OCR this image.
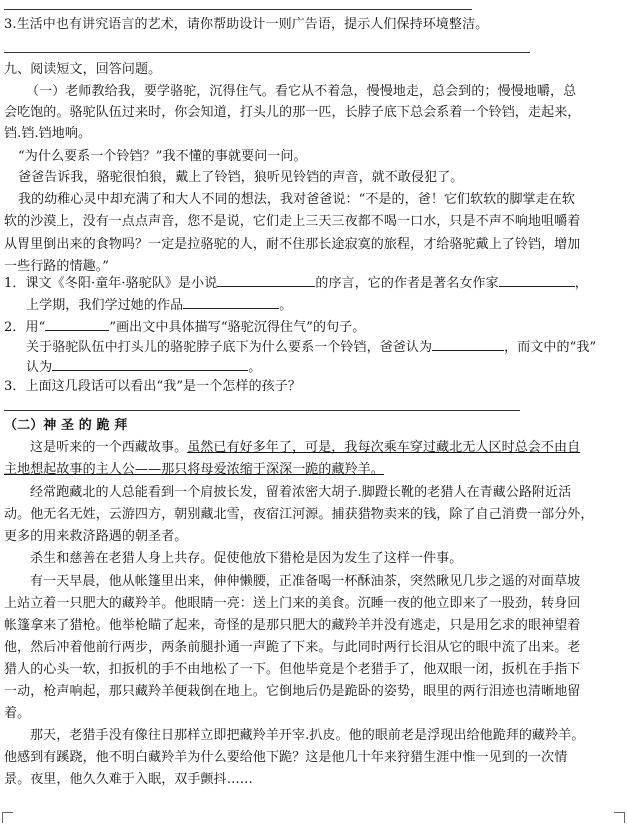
3.生活中也有讲究语言的艺术，请你帮助设计一则广告语，提示人们保持环境整洁。
九、阅读短文，回答问题。
（一）老师教给我，要学骆驼，沉得住气。看它从不着急，慢慢地走，总会到的；慢慢地嚼，总
会吃饱的。骆驼队伍过来时，你会知道，打头儿的那一匹，长脖子底下总会系着一个铃铛，走起来，
铛.铛.铛地响。
“为什么要系一个铃铛？”我不懂的事就要问一问。
爸爸告诉我，骆驼很怕狼，戴上了铃铛，狼听见铃铛的声音，就不敢侵犯了。
我的幼稚心灵中却充满了和大人不同的想法，我对爸爸说：“不是的，爸！它们软软的脚掌走在软
软的沙漠上，没有一点点声音，您不是说，它们走上三天三夜都不喝一口水，只是不声不响地咀嚼着
从胃里倒出来的食物吗？一定是拉骆驼的人，耐不住那长途寂寞的旅程，才给骆驼戴上了铃铛，增加
一些行路的情趣。”
1．课文《冬阳·童年·骆驼队》是小说	的序言，它的作者是著名女作家	，
上学期，我们学过她的作品	。
2．用“	”画出文中具体描写“骆驼沉得住气”的句子。
关于骆驼队伍中打头儿的骆驼脖子底下为什么要系一个铃铛，爸爸认为	，而文中的“我”
认为	。
3．上面这几段话可以看出“我”是一个怎样的孩子？
（二）神 圣 的 跪 拜
这是听来的一个西藏故事。虽然已有好多年了，可是，我每次乘车穿过藏北无人区时总会不由自
主地想起故事的主人公——那只将母爱浓缩于深深一跪的藏羚羊。
经常跑藏北的人总能看到一个肩披长发，留着浓密大胡子.脚蹬长靴的老猎人在青藏公路附近活
动。他无名无姓，云游四方，朝别藏北雪，夜宿江河源。捕获猎物卖来的钱，除了自己消费一部分外，
更多的用来救济路遇的朝圣者。
杀生和慈善在老猎人身上共存。促使他放下猎枪是因为发生了这样一件事。
有一天早晨，他从帐篷里出来，伸伸懒腰，正准备喝一杯酥油茶，突然瞅见几步之遥的对面草坡
上站立着一只肥大的藏羚羊。他眼睛一亮：送上门来的美食。沉睡一夜的他立即来了一股劲，转身回
帐篷拿来了猎枪。他举枪瞄了起来，奇怪的是那只肥大的藏羚羊并没有逃走，只是用乞求的眼神望着
他，然后冲着他前行两步，两条前腿扑通一声跪了下来。与此同时两行长泪从它的眼中流了出来。老
猎人的心头一软，扣扳机的手不由地松了一下。但他毕竟是个老猎手了，他双眼一闭，扳机在手指下
一动，枪声响起，那只藏羚羊便栽倒在地上。它倒地后仍是跪卧的姿势，眼里的两行泪迹也清晰地留
着。
那天，老猎手没有像往日那样立即把藏羚羊开宰.扒皮。他的眼前老是浮现出给他跪拜的藏羚羊。
他感到有蹊跷，他不明白藏羚羊为什么要给他下跪？这是他几十年来狩猎生涯中惟一见到的一次情
景。夜里，他久久难于入眠，双手颤抖……
